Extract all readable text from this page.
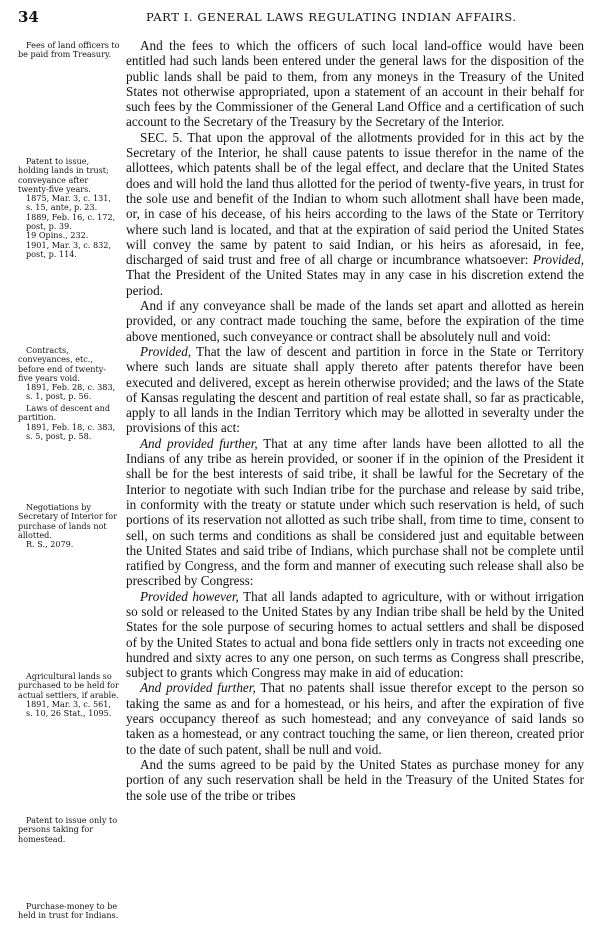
34	PART I. GENERAL LAWS REGULATING INDIAN AFFAIRS.
Fees of land officers to be paid from Treasury.
Patent to issue, holding lands in trust; conveyance after twenty-five years.
1875, Mar. 3, c. 131, s. 15, ante, p. 23.
1889, Feb. 16, c. 172, post, p. 39.
19 Opins., 232.
1901, Mar. 3, c. 832, post, p. 114.
Contracts, conveyances, etc., before end of twenty-five years void.
1891, Feb. 28, c. 383, s. 1, post, p. 56.
Laws of descent and partition.
1891, Feb. 18, c. 383, s. 5, post, p. 58.
Negotiations by Secretary of Interior for purchase of lands not allotted.
R. S., 2079.
Agricultural lands so purchased to be held for actual settlers, if arable.
1891, Mar. 3, c. 561, s. 10, 26 Stat., 1095.
Patent to issue only to persons taking for homestead.
Purchase-money to be held in trust for Indians.

And the fees to which the officers of such local land-office would have been entitled had such lands been entered under the general laws for the disposition of the public lands shall be paid to them, from any moneys in the Treasury of the United States not otherwise appropriated, upon a statement of an account in their behalf for such fees by the Commissioner of the General Land Office and a certification of such account to the Secretary of the Treasury by the Secretary of the Interior.

SEC. 5. That upon the approval of the allotments provided for in this act by the Secretary of the Interior, he shall cause patents to issue therefor in the name of the allottees, which patents shall be of the legal effect, and declare that the United States does and will hold the land thus allotted for the period of twenty-five years, in trust for the sole use and benefit of the Indian to whom such allotment shall have been made, or, in case of his decease, of his heirs according to the laws of the State or Territory where such land is located, and that at the expiration of said period the United States will convey the same by patent to said Indian, or his heirs as aforesaid, in fee, discharged of said trust and free of all charge or incumbrance whatsoever: Provided, That the President of the United States may in any case in his discretion extend the period.

And if any conveyance shall be made of the lands set apart and allotted as herein provided, or any contract made touching the same, before the expiration of the time above mentioned, such conveyance or contract shall be absolutely null and void:

Provided, That the law of descent and partition in force in the State or Territory where such lands are situate shall apply thereto after patents therefor have been executed and delivered, except as herein otherwise provided; and the laws of the State of Kansas regulating the descent and partition of real estate shall, so far as practicable, apply to all lands in the Indian Territory which may be allotted in severalty under the provisions of this act:

And provided further, That at any time after lands have been allotted to all the Indians of any tribe as herein provided, or sooner if in the opinion of the President it shall be for the best interests of said tribe, it shall be lawful for the Secretary of the Interior to negotiate with such Indian tribe for the purchase and release by said tribe, in conformity with the treaty or statute under which such reservation is held, of such portions of its reservation not allotted as such tribe shall, from time to time, consent to sell, on such terms and conditions as shall be considered just and equitable between the United States and said tribe of Indians, which purchase shall not be complete until ratified by Congress, and the form and manner of executing such release shall also be prescribed by Congress:

Provided however, That all lands adapted to agriculture, with or without irrigation so sold or released to the United States by any Indian tribe shall be held by the United States for the sole purpose of securing homes to actual settlers and shall be disposed of by the United States to actual and bona fide settlers only in tracts not exceeding one hundred and sixty acres to any one person, on such terms as Congress shall prescribe, subject to grants which Congress may make in aid of education:

And provided further, That no patents shall issue therefor except to the person so taking the same as and for a homestead, or his heirs, and after the expiration of five years occupancy thereof as such homestead; and any conveyance of said lands so taken as a homestead, or any contract touching the same, or lien thereon, created prior to the date of such patent, shall be null and void.

And the sums agreed to be paid by the United States as purchase money for any portion of any such reservation shall be held in the Treasury of the United States for the sole use of the tribe or tribes
